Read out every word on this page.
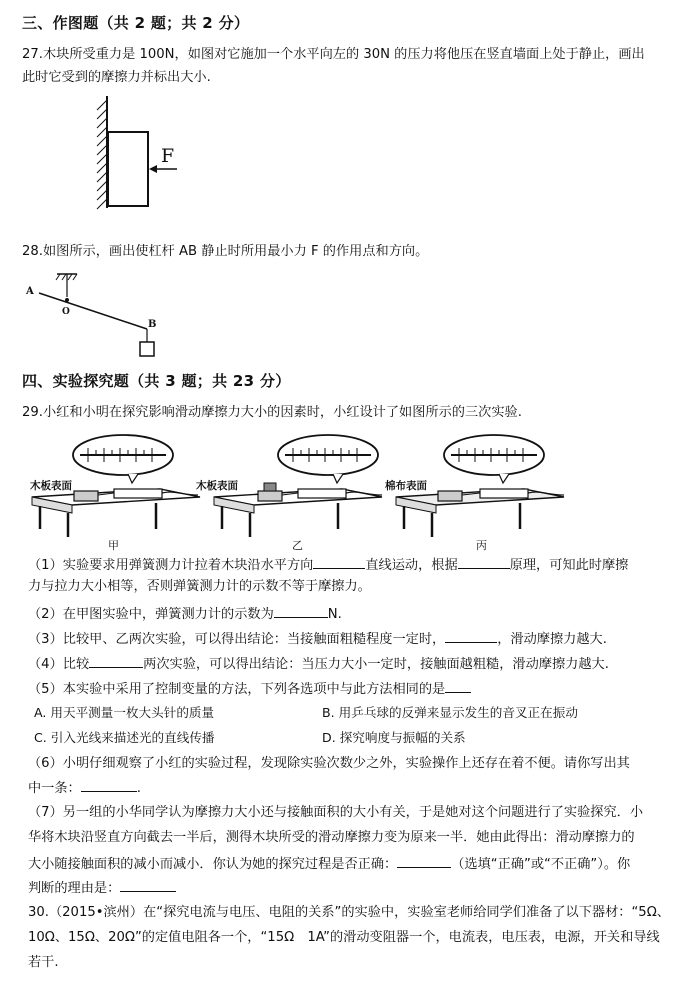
三、作图题（共 2 题；共 2 分）
27.木块所受重力是 100N，如图对它施加一个水平向左的 30N 的压力将他压在竖直墙面上处于静止，画出
此时它受到的摩擦力并标出大小.
F
28.如图所示，画出使杠杆 AB 静止时所用最小力 F 的作用点和方向。
A
O
B
四、实验探究题（共 3 题；共 23 分）
29.小红和小明在探究影响滑动摩擦力大小的因素时，小红设计了如图所示的三次实验.
木板表面
甲
木板表面
乙
棉布表面
丙
（1）实验要求用弹簧测力计拉着木块沿水平方向	直线运动，根据	原理，可知此时摩擦
力与拉力大小相等，否则弹簧测力计的示数不等于摩擦力。
（2）在甲图实验中，弹簧测力计的示数为	N.
（3）比较甲、乙两次实验，可以得出结论：当接触面粗糙程度一定时，	，滑动摩擦力越大.
（4）比较	两次实验，可以得出结论：当压力大小一定时，接触面越粗糙，滑动摩擦力越大.
（5）本实验中采用了控制变量的方法，下列各选项中与此方法相同的是
A. 用天平测量一枚大头针的质量	B. 用乒乓球的反弹来显示发生的音叉正在振动
C. 引入光线来描述光的直线传播	D. 探究响度与振幅的关系
（6）小明仔细观察了小红的实验过程，发现除实验次数少之外，实验操作上还存在着不便。请你写出其
中一条：	.
（7）另一组的小华同学认为摩擦力大小还与接触面积的大小有关，于是她对这个问题进行了实验探究．小
华将木块沿竖直方向截去一半后，测得木块所受的滑动摩擦力变为原来一半．她由此得出：滑动摩擦力的
大小随接触面积的减小而减小．你认为她的探究过程是否正确：	（选填“正确”或“不正确”）。你
判断的理由是：
30.（2015•滨州）在“探究电流与电压、电阻的关系”的实验中，实验室老师给同学们准备了以下器材：“5Ω、
10Ω、15Ω、20Ω”的定值电阻各一个，“15Ω　1A”的滑动变阻器一个，电流表，电压表，电源，开关和导线
若干.
